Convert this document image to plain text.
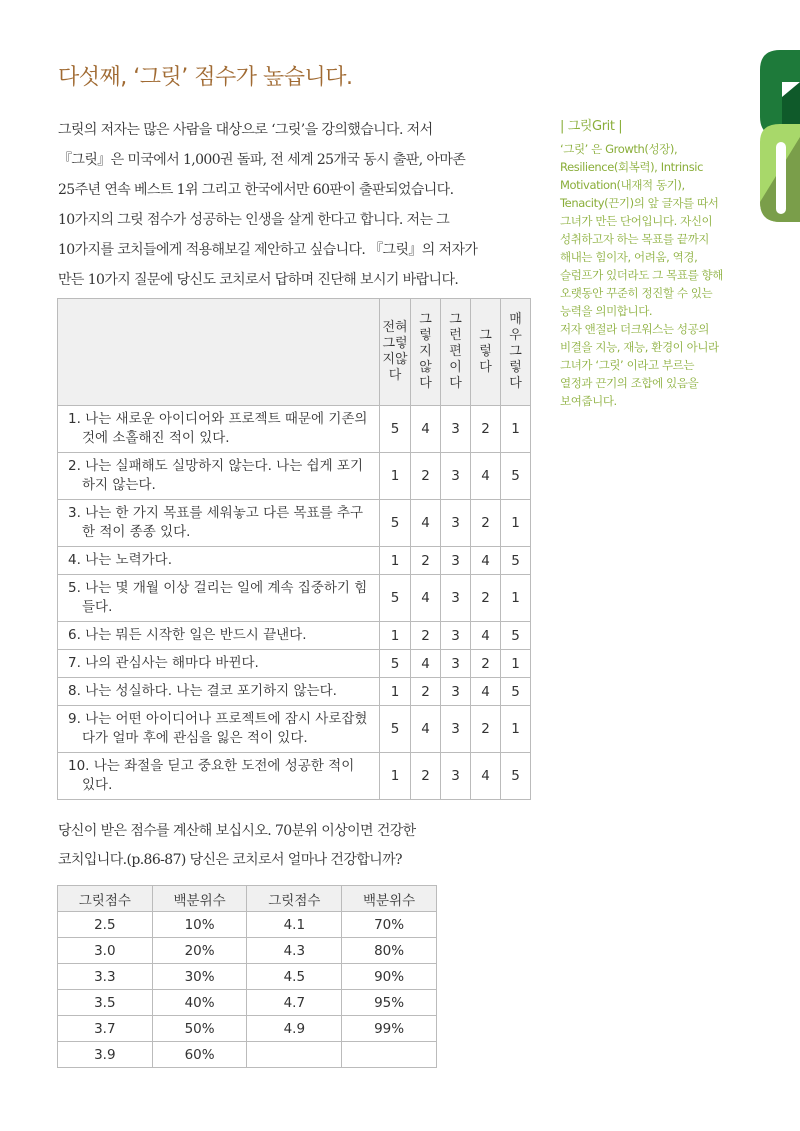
다섯째, ‘그릿’ 점수가 높습니다.
그릿의 저자는 많은 사람을 대상으로 ‘그릿’을 강의했습니다. 저서
『그릿』은 미국에서 1,000권 돌파, 전 세계 25개국 동시 출판, 아마존
25주년 연속 베스트 1위 그리고 한국에서만 60판이 출판되었습니다.
10가지의 그릿 점수가 성공하는 인생을 살게 한다고 합니다. 저는 그
10가지를 코치들에게 적용해보길 제안하고 싶습니다. 『그릿』의 저자가
만든 10가지 질문에 당신도 코치로서 답하며 진단해 보시기 바랍니다.
| 그릿Grit |
‘그릿’ 은 Growth(성장),
Resilience(회복력), Intrinsic
Motivation(내재적 동기),
Tenacity(끈기)의 앞 글자를 따서
그녀가 만든 단어입니다. 자신이
성취하고자 하는 목표를 끝까지
해내는 힘이자, 어려움, 역경,
슬럼프가 있더라도 그 목표를 향해
오랫동안 꾸준히 정진할 수 있는
능력을 의미합니다.
저자 앤절라 더크워스는 성공의
비결을 지능, 재능, 환경이 아니라
그녀가 ‘그릿’ 이라고 부르는
열정과 끈기의 조합에 있음을
보여줍니다.
	전혀그렇지않다	그렇지않다	그런편이다	그렇다	매우그렇다

1. 나는 새로운 아이디어와 프로젝트 때문에 기존의 것에 소홀해진 적이 있다.	5	4	3	2	1

2. 나는 실패해도 실망하지 않는다. 나는 쉽게 포기하지 않는다.	1	2	3	4	5

3. 나는 한 가지 목표를 세워놓고 다른 목표를 추구한 적이 종종 있다.	5	4	3	2	1

4. 나는 노력가다.	1	2	3	4	5

5. 나는 몇 개월 이상 걸리는 일에 계속 집중하기 힘들다.	5	4	3	2	1

6. 나는 뭐든 시작한 일은 반드시 끝낸다.	1	2	3	4	5

7. 나의 관심사는 해마다 바뀐다.	5	4	3	2	1

8. 나는 성실하다. 나는 결코 포기하지 않는다.	1	2	3	4	5

9. 나는 어떤 아이디어나 프로젝트에 잠시 사로잡혔다가 얼마 후에 관심을 잃은 적이 있다.	5	4	3	2	1

10. 나는 좌절을 딛고 중요한 도전에 성공한 적이 있다.	1	2	3	4	5
당신이 받은 점수를 계산해 보십시오. 70분위 이상이면 건강한
코치입니다.(p.86-87) 당신은 코치로서 얼마나 건강합니까?
그릿점수	백분위수	그릿점수	백분위수
2.5	10%	4.1	70%
3.0	20%	4.3	80%
3.3	30%	4.5	90%
3.5	40%	4.7	95%
3.7	50%	4.9	99%
3.9	60%		
